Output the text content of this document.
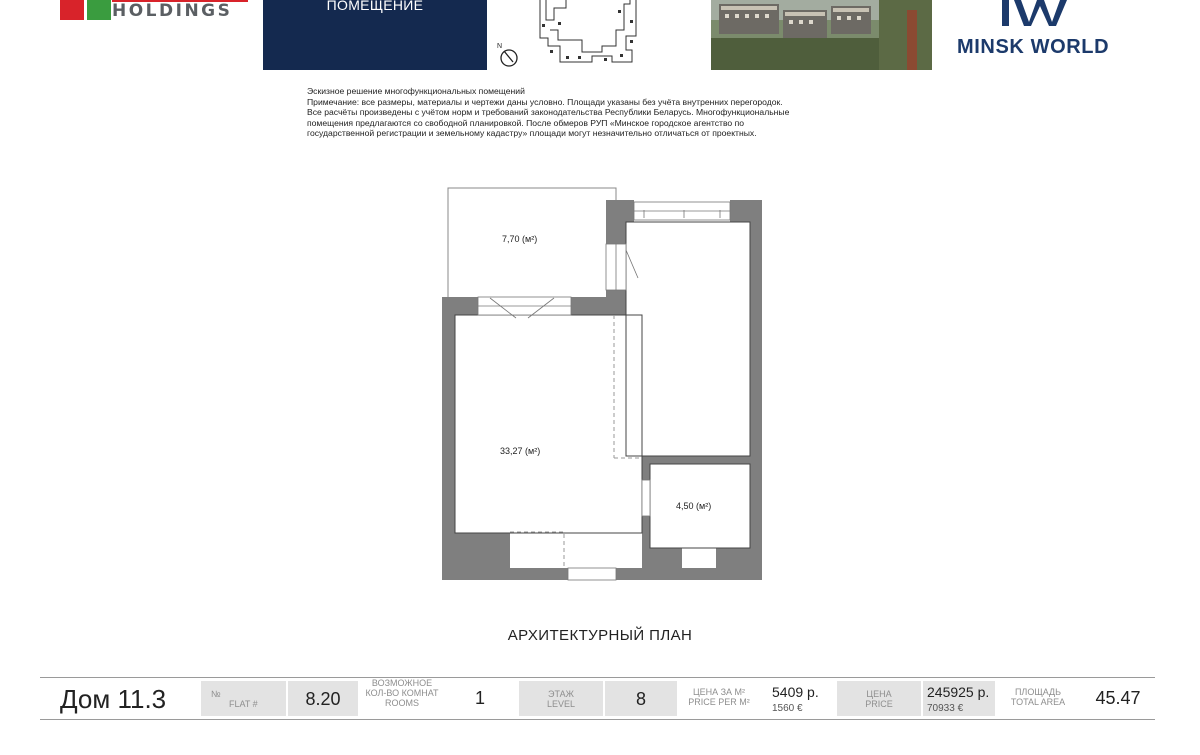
HOLDINGS	ПОМЕЩЕНИЕ
N	MINSK WORLD
Эскизное решение многофункциональных помещений
Примечание: все размеры, материалы и чертежи даны условно. Площади указаны без учёта внутренних перегородок.
Все расчёты произведены с учётом норм и требований законодательства Республики Беларусь. Многофункциональные
помещения предлагаются со свободной планировкой. После обмеров РУП «Минское городское агентство по
государственной регистрации и земельному кадастру» площади могут незначительно отличаться от проектных.
7,70 (м²)
33,27 (м²)
4,50 (м²)
АРХИТЕКТУРНЫЙ ПЛАН
Дом 11.3	№
FLAT #	8.20
ВОЗМОЖНОЕ
КОЛ-ВО КОМНАТ
ROOMS	1	ЭТАЖ
LEVEL	8	ЦЕНА ЗА М²
PRICE PER M²
5409 р.
1560 €
ЦЕНА
PRICE
245925 р.
70933 €
ПЛОЩАДЬ
TOTAL AREA	45.47
